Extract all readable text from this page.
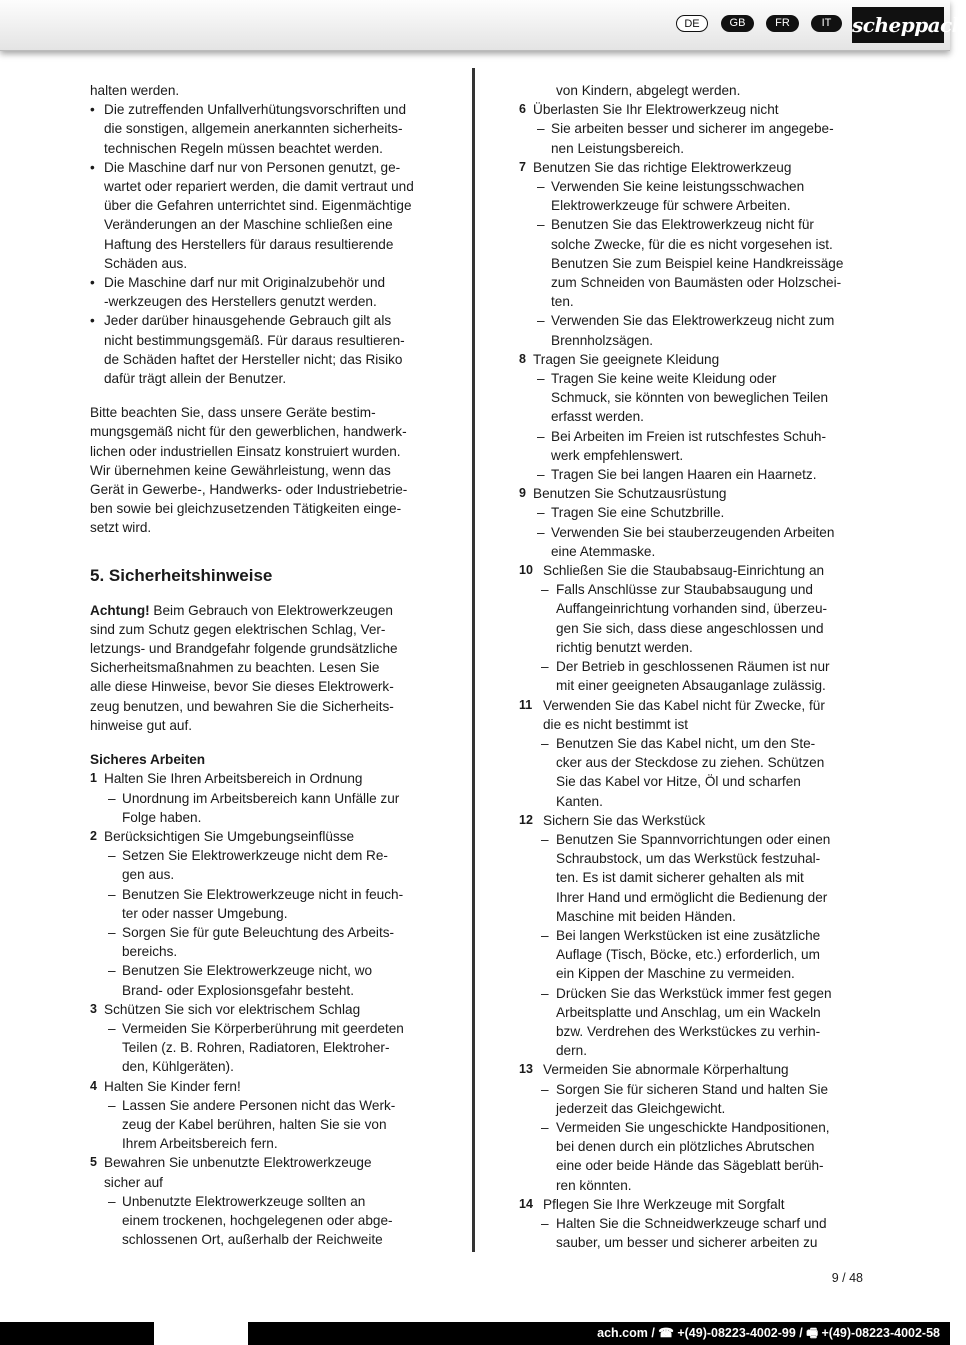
DE	GB	FR	IT	scheppach
halten werden.
• Die zutreffenden Unfallverhütungsvorschriften und
die sonstigen, allgemein anerkannten sicherheits-
technischen Regeln müssen beachtet werden.
• Die Maschine darf nur von Personen genutzt, ge-
wartet oder repariert werden, die damit vertraut und
über die Gefahren unterrichtet sind. Eigenmächtige
Veränderungen an der Maschine schließen eine
Haftung des Herstellers für daraus resultierende
Schäden aus.
• Die Maschine darf nur mit Originalzubehör und
-werkzeugen des Herstellers genutzt werden.
• Jeder darüber hinausgehende Gebrauch gilt als
nicht bestimmungsgemäß. Für daraus resultieren-
de Schäden haftet der Hersteller nicht; das Risiko
dafür trägt allein der Benutzer.
Bitte beachten Sie, dass unsere Geräte bestim-
mungsgemäß nicht für den gewerblichen, handwerk-
lichen oder industriellen Einsatz konstruiert wurden.
Wir übernehmen keine Gewährleistung, wenn das
Gerät in Gewerbe-, Handwerks- oder Industriebetrie-
ben sowie bei gleichzusetzenden Tätigkeiten einge-
setzt wird.
5. Sicherheitshinweise
Achtung! Beim Gebrauch von Elektrowerkzeugen
sind zum Schutz gegen elektrischen Schlag, Ver-
letzungs- und Brandgefahr folgende grundsätzliche
Sicherheitsmaßnahmen zu beachten. Lesen Sie
alle diese Hinweise, bevor Sie dieses Elektrowerk-
zeug benutzen, und bewahren Sie die Sicherheits-
hinweise gut auf.
Sicheres Arbeiten
1 Halten Sie Ihren Arbeitsbereich in Ordnung
– Unordnung im Arbeitsbereich kann Unfälle zur
Folge haben.
2 Berücksichtigen Sie Umgebungseinflüsse
– Setzen Sie Elektrowerkzeuge nicht dem Re-
gen aus.
– Benutzen Sie Elektrowerkzeuge nicht in feuch-
ter oder nasser Umgebung.
– Sorgen Sie für gute Beleuchtung des Arbeits-
bereichs.
– Benutzen Sie Elektrowerkzeuge nicht, wo
Brand- oder Explosionsgefahr besteht.
3 Schützen Sie sich vor elektrischem Schlag
– Vermeiden Sie Körperberührung mit geerdeten
Teilen (z. B. Rohren, Radiatoren, Elektroher-
den, Kühlgeräten).
4 Halten Sie Kinder fern!
– Lassen Sie andere Personen nicht das Werk-
zeug der Kabel berühren, halten Sie sie von
Ihrem Arbeitsbereich fern.
5 Bewahren Sie unbenutzte Elektrowerkzeuge
sicher auf
– Unbenutzte Elektrowerkzeuge sollten an
einem trockenen, hochgelegenen oder abge-
schlossenen Ort, außerhalb der Reichweite
von Kindern, abgelegt werden.
6 Überlasten Sie Ihr Elektrowerkzeug nicht
– Sie arbeiten besser und sicherer im angegebe-
nen Leistungsbereich.
7 Benutzen Sie das richtige Elektrowerkzeug
– Verwenden Sie keine leistungsschwachen
Elektrowerkzeuge für schwere Arbeiten.
– Benutzen Sie das Elektrowerkzeug nicht für
solche Zwecke, für die es nicht vorgesehen ist.
Benutzen Sie zum Beispiel keine Handkreissäge
zum Schneiden von Baumästen oder Holzschei-
ten.
– Verwenden Sie das Elektrowerkzeug nicht zum
Brennholzsägen.
8 Tragen Sie geeignete Kleidung
– Tragen Sie keine weite Kleidung oder
Schmuck, sie könnten von beweglichen Teilen
erfasst werden.
– Bei Arbeiten im Freien ist rutschfestes Schuh-
werk empfehlenswert.
– Tragen Sie bei langen Haaren ein Haarnetz.
9 Benutzen Sie Schutzausrüstung
– Tragen Sie eine Schutzbrille.
– Verwenden Sie bei stauberzeugenden Arbeiten
eine Atemmaske.
10 Schließen Sie die Staubabsaug-Einrichtung an
– Falls Anschlüsse zur Staubabsaugung und
Auffangeinrichtung vorhanden sind, überzeu-
gen Sie sich, dass diese angeschlossen und
richtig benutzt werden.
– Der Betrieb in geschlossenen Räumen ist nur
mit einer geeigneten Absauganlage zulässig.
11 Verwenden Sie das Kabel nicht für Zwecke, für
die es nicht bestimmt ist
– Benutzen Sie das Kabel nicht, um den Ste-
cker aus der Steckdose zu ziehen. Schützen
Sie das Kabel vor Hitze, Öl und scharfen
Kanten.
12 Sichern Sie das Werkstück
– Benutzen Sie Spannvorrichtungen oder einen
Schraubstock, um das Werkstück festzuhal-
ten. Es ist damit sicherer gehalten als mit
Ihrer Hand und ermöglicht die Bedienung der
Maschine mit beiden Händen.
– Bei langen Werkstücken ist eine zusätzliche
Auflage (Tisch, Böcke, etc.) erforderlich, um
ein Kippen der Maschine zu vermeiden.
– Drücken Sie das Werkstück immer fest gegen
Arbeitsplatte und Anschlag, um ein Wackeln
bzw. Verdrehen des Werkstückes zu verhin-
dern.
13 Vermeiden Sie abnormale Körperhaltung
– Sorgen Sie für sicheren Stand und halten Sie
jederzeit das Gleichgewicht.
– Vermeiden Sie ungeschickte Handpositionen,
bei denen durch ein plötzliches Abrutschen
eine oder beide Hände das Sägeblatt berüh-
ren könnten.
14 Pflegen Sie Ihre Werkzeuge mit Sorgfalt
– Halten Sie die Schneidwerkzeuge scharf und
sauber, um besser und sicherer arbeiten zu
9 / 48
ach.com / ☎ +(49)-08223-4002-99 / 🖷 +(49)-08223-4002-58
